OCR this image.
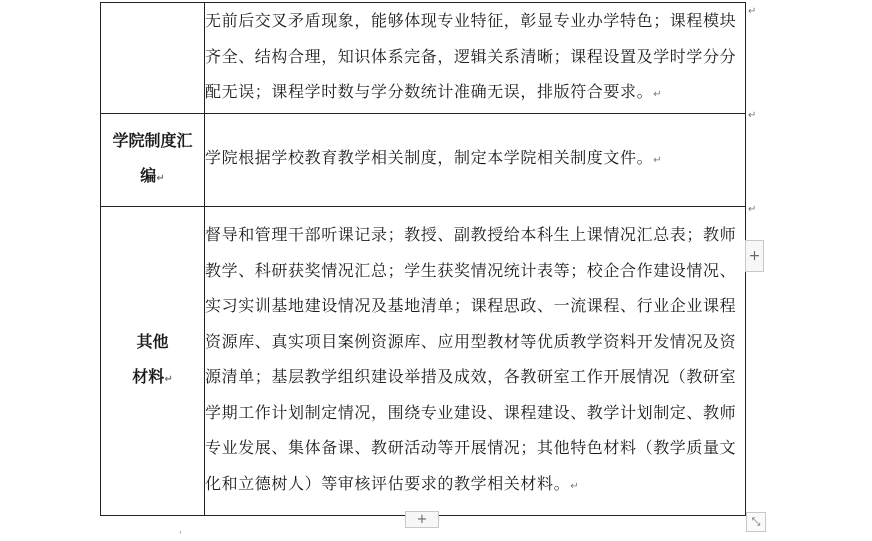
	无前后交叉矛盾现象，能够体现专业特征，彰显专业办学特色；课程模块齐全、结构合理，知识体系完备，逻辑关系清晰；课程设置及学时学分分配无误；课程学时数与学分数统计准确无误，排版符合要求。↵

学院制度汇编↵	学院根据学校教育教学相关制度，制定本学院相关制度文件。↵

其他材料↵	督导和管理干部听课记录；教授、副教授给本科生上课情况汇总表；教师教学、科研获奖情况汇总；学生获奖情况统计表等；校企合作建设情况、实习实训基地建设情况及基地清单；课程思政、一流课程、行业企业课程资源库、真实项目案例资源库、应用型教材等优质教学资料开发情况及资源清单；基层教学组织建设举措及成效，各教研室工作开展情况（教研室学期工作计划制定情况，围绕专业建设、课程建设、教学计划制定、教师专业发展、集体备课、教研活动等开展情况；其他特色材料（教学质量文化和立德树人）等审核评估要求的教学相关材料。↵
↵
↵
↵
+
+	⤡
'
